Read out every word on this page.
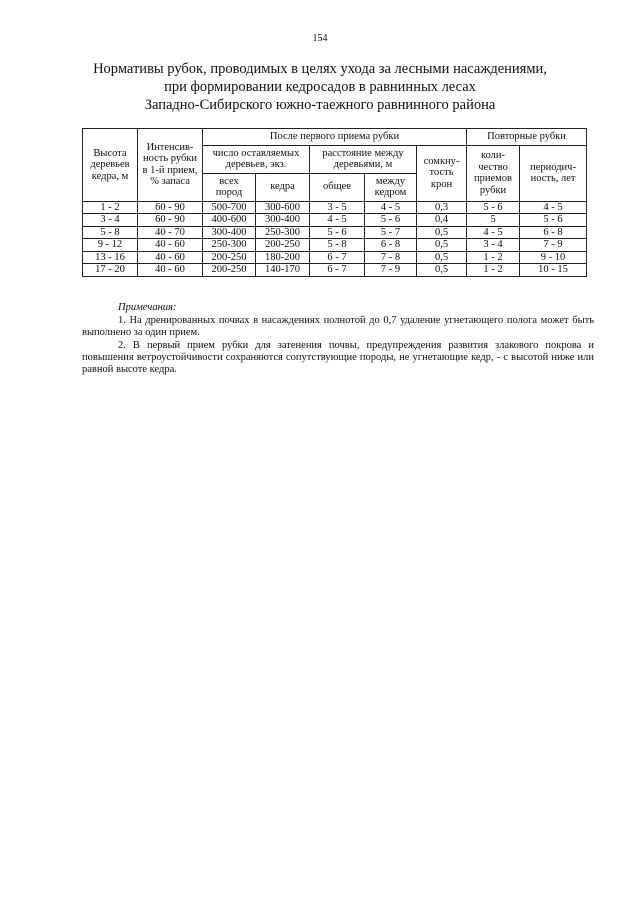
154
Нормативы рубок, проводимых в целях ухода за лесными насаждениями,
при формировании кедросадов в равнинных лесах
Западно-Сибирского южно-таежного равнинного района
Высота деревьев кедра, м	Интенсив-ность рубки в 1-й прием, % запаса	После первого приема рубки					Повторные рубки	
		число оставляемых деревьев, экз.		расстояние между деревьями, м		сомкну-тость крон	коли-чество приемов рубки	периодич-ность, лет
		всех пород	кедра	общее	между кедром			
1 - 2	60 - 90	500-700	300-600	3 - 5	4 - 5	0,3	5 - 6	4 - 5
3 - 4	60 - 90	400-600	300-400	4 - 5	5 - 6	0,4	5	5 - 6
5 - 8	40 - 70	300-400	250-300	5 - 6	5 - 7	0,5	4 - 5	6 - 8
9 - 12	40 - 60	250-300	200-250	5 - 8	6 - 8	0,5	3 - 4	7 - 9
13 - 16	40 - 60	200-250	180-200	6 - 7	7 - 8	0,5	1 - 2	9 - 10
17 - 20	40 - 60	200-250	140-170	6 - 7	7 - 9	0,5	1 - 2	10 - 15
Примечания:

1. На дренированных почвах в насаждениях полнотой до 0,7 удаление угнетающего полога может быть выполнено за один прием.

2. В первый прием рубки для затенения почвы, предупреждения развития злакового покрова и повышения ветроустойчивости сохраняются сопутствующие породы, не угнетающие кедр, - с высотой ниже или равной высоте кедра.
